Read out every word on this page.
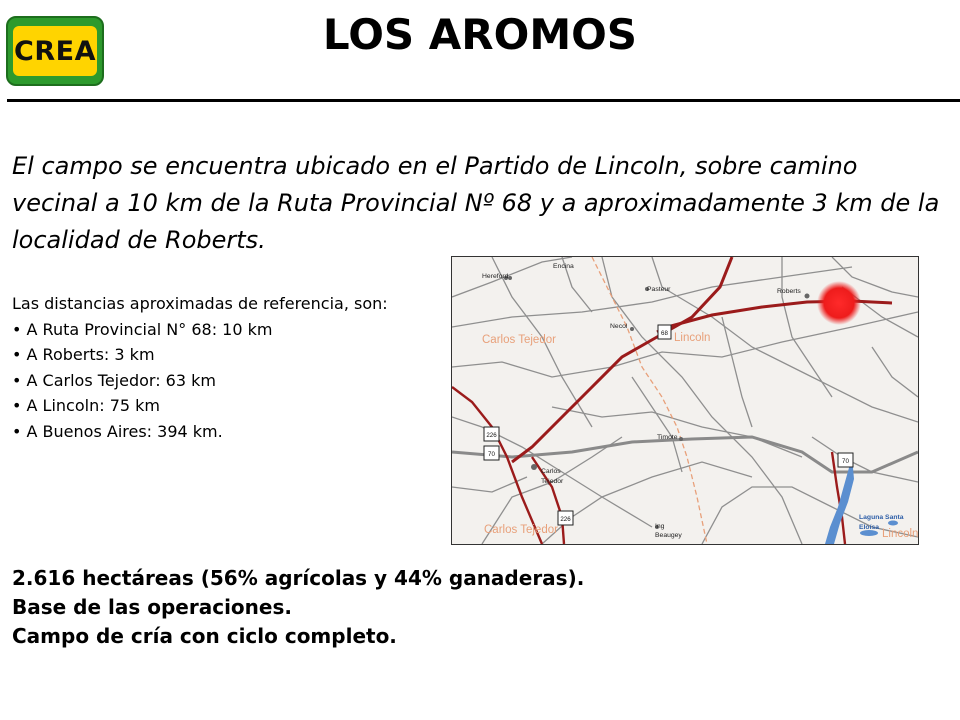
CREA	LOS AROMOS
El campo se encuentra ubicado en el Partido de Lincoln, sobre camino vecinal a 10 km de la Ruta Provincial Nº 68 y a aproximadamente 3 km de la localidad de Roberts.
Las distancias aproximadas de referencia, son:
• A Ruta Provincial N° 68: 10 km
• A Roberts: 3 km
• A Carlos Tejedor: 63 km
• A Lincoln: 75 km
• A Buenos Aires: 394 km.
Carlos Tejedor	Lincoln
Carlos Tejedor	Lincoln
Hereford
Encina
Pasteur	Roberts
Necol
Timote
Carlos
Tejedor
Ing
Beaugey
68
226
70
70
226	Laguna Santa
Eloísa
2.616 hectáreas (56% agrícolas y 44% ganaderas).
Base de las operaciones.
Campo de cría con ciclo completo.
